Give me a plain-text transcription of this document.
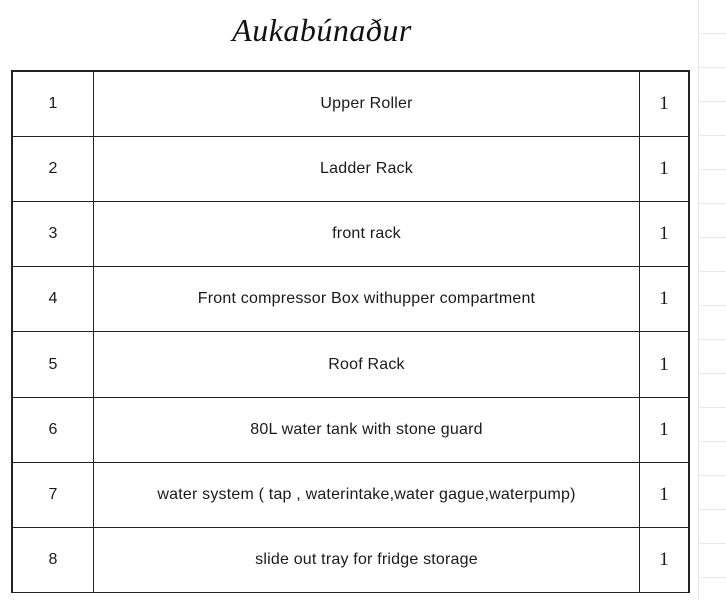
Aukabúnaður
1	Upper Roller	1
2	Ladder Rack	1
3	front rack	1
4	Front compressor Box withupper compartment	1
5	Roof Rack	1
6	80L water tank with stone guard	1
7	water system ( tap , waterintake,water gague,waterpump)	1
8	slide out tray for fridge storage	1
